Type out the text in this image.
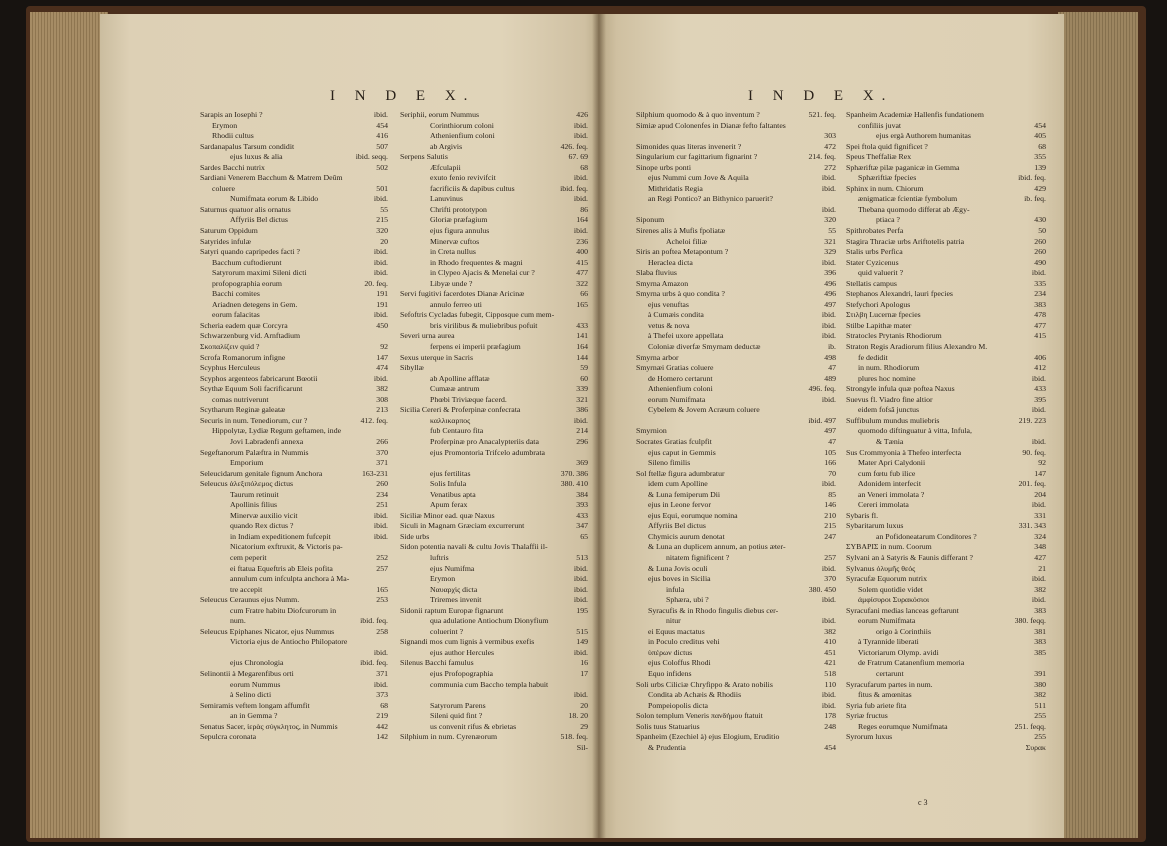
I N D E X.
Sarapis an Iosephi ?	ibid.
Erymon	454
Rhodii cultus	416
Sardanapalus Tarsum condidit	507
ejus luxus & alia	ibid. seqq.
Sardes Bacchi nutrix	502
Sardiani Venerem Bacchum & Matrem Deûm
coluere	501
Numifmata eorum & Libido	ibid.
Saturnus quatuor alis ornatus	55
Affyriis Bel dictus	215
Saturum Oppidum	320
Satyrides infulæ	20
Satyri quando capripedes facti ?	ibid.
Bacchum cuftodierunt	ibid.
Satyrorum maximi Sileni dicti	ibid.
profopographia eorum	20. feq.
Bacchi comites	191
Ariadnen detegens in Gem.	191
eorum falacitas	ibid.
Scheria eadem quæ Corcyra	450
Schwarzenburg vid. Arnftadium
Σκοπαλίζειν quid ?	92
Scrofa Romanorum infigne	147
Scyphus Herculeus	474
Scyphos argenteos fabricarunt Bœotii	ibid.
Scythæ Equum Soli facrificarunt	382
comas nutriverunt	308
Scytharum Reginæ galeatæ	213
Securis in num. Tenediorum, cur ?	412. feq.
Hippolytæ, Lydiæ Regum geftamen, inde
Jovi Labradenfi annexa	266
Segeftanorum Palæftra in Nummis	370
Emporium	371
Seleucidarum genitale fignum Anchora	163-231
Seleucus ἀλεξιπόλεμος dictus	260
Taurum retinuit	234
Apollinis filius	251
Minervæ auxilio vicit	ibid.
quando Rex dictus ?	ibid.
in Indiam expeditionem fufcepit	ibid.
Nicatorium exftruxit, & Victoris pa-
cem peperit	252
ei ftatua Equeftris ab Eleis pofita	257
annulum cum infculpta anchora à Ma-
tre accepit	165
Seleucus Ceraunus ejus Numm.	253
cum Fratre habitu Diofcurorum in
num.	ibid. feq.
Seleucus Epiphanes Nicator, ejus Nummus	258
Victoria ejus de Antiocho Philopatore
ibid.
ejus Chronologia	ibid. feq.
Selinontii à Megarenfibus orti	371
eorum Nummus	ibid.
à Selino dicti	373
Semiramis veftem longam affumfit	68
an in Gemma ?	219
Senatus Sacer, ἱερὰς σύγκλητος, in Nummis	442
Sepulcra coronata	142
Seriphii, eorum Nummus	426
Corinthiorum coloni	ibid.
Athenienfium coloni	ibid.
ab Argivis	426. feq.
Serpens Salutis	67. 69
Æfculapii	68
exuto fenio revivifcit	ibid.
facrificiis & dapibus cultus	ibid. feq.
Lanuvinus	ibid.
Chrifti prototypon	86
Gloriæ præfagium	164
ejus figura annulus	ibid.
Minervæ cuftos	236
in Creta nullus	400
in Rhodo frequentes & magni	415
in Clypeo Ajacis & Menelai cur ?	477
Libyæ unde ?	322
Servi fugitivi facerdotes Dianæ Aricinæ	66
annulo ferreo uti	165
Sefoftris Cycladas fubegit, Cipposque cum mem-
bris virilibus & muliebribus pofuit	433
Severi urna aurea	141
ferpens ei imperii præfagium	164
Sexus uterque in Sacris	144
Sibyllæ	59
ab Apolline afflatæ	60
Cumææ antrum	339
Phœbi Triviæque facerd.	321
Sicilia Cereri & Proferpinæ confecrata	386
καλλικαρπος	ibid.
fub Centauro fita	214
Proferpinæ pro Anacalypteriis data	296
ejus Promontoria Trifcelo adumbrata
369
ejus fertilitas	370. 386
Solis Infula	380. 410
Venatibus apta	384
Apum ferax	393
Siciliæ Minor ead. quæ Naxus	433
Siculi in Magnam Græciam excurrerunt	347
Side urbs	65
Sidon potentia navali & cultu Jovis Thalaffii il-
luftris	513
ejus Numifma	ibid.
Erymon	ibid.
Ναυαρχὶς dicta	ibid.
Triremes invenit	ibid.
Sidonii raptum Europæ fignarunt	195
qua adulatione Antiochum Dionyfium
coluerint ?	515
Signandi mos cum lignis à vermibus exefis	149
ejus author Hercules	ibid.
Silenus Bacchi famulus	16
ejus Profopographia	17
communia cum Baccho templa habuit
ibid.
Satyrorum Parens	20
Sileni quid fint ?	18. 20
us convenit rifus & ebrietas	29
Silphium in num. Cyrenæorum	518. feq.
Sil-
I N D E X.
Silphium quomodo & à quo inventum ?	521. feq.
Simiæ apud Colonenfes in Dianæ fefto faltantes
303
Simonides quas literas invenerit ?	472
Singularium cur fagittarium fignarint ?	214. feq.
Sinope urbs ponti	272
ejus Nummi cum Jove & Aquila	ibid.
Mithridatis Regia	ibid.
an Regi Pontico? an Bithynico paruerit?
ibid.
Siponum	320
Sirenes alis à Mufis fpoliatæ	55
Acheloi filiæ	321
Siris an poftea Metapontum ?	329
Heraclea dicta	ibid.
Slaba fluvius	396
Smyrna Amazon	496
Smyrna urbs à quo condita ?	496
ejus venuftas	497
à Cumæis condita	ibid.
vetus & nova	ibid.
à Thefei uxore appellata	ibid.
Coloniæ diverfæ Smyrnam deductæ	ib.
Smyrna arbor	498
Smyrnæi Gratias coluere	47
de Homero certarunt	489
Athenienfium coloni	496. feq.
eorum Numifmata	ibid.
Cybelem & Jovem Acræum coluere
ibid. 497
Smyrnion	497
Socrates Gratias fculpfit	47
ejus caput in Gemmis	105
Sileno fimilis	166
Sol ftellæ figura adumbratur	70
idem cum Apolline	ibid.
& Luna femiperum Dii	85
ejus in Leone fervor	146
ejus Equi, eorumque nomina	210
Affyriis Bel dictus	215
Chymicis aurum denotat	247
& Luna an duplicem annum, an potius æter-
nitatem fignificent ?	257
& Luna Jovis oculi	ibid.
ejus boves in Sicilia	370
infula	380. 450
Sphæra, ubi ?	ibid.
Syracufis & in Rhodo fingulis diebus cer-
nitur	ibid.
ei Equus mactatus	382
in Poculo creditus vehi	410
ὑπέρων dictus	451
ejus Coloffus Rhodi	421
Equo infidens	518
Soli urbs Ciliciæ Chryfippo & Arato nobilis	110
Condita ab Achæis & Rhodiis	ibid.
Pompeiopolis dicta	ibid.
Solon templum Veneris πανδήμου ftatuit	178
Solis tuus Statuarius	248
Spanheim (Ezechiel à) ejus Elogium, Eruditio
& Prudentia	454
Spanheim Academiæ Hallenfis fundationem
confiliis juvat	454
ejus ergà Authorem humanitas	405
Spei ftola quid fignificet ?	68
Speus Theffaliæ Rex	355
Sphæriftæ pilæ paganicæ in Gemma	139
Sphæriftiæ fpecies	ibid. feq.
Sphinx in num. Chiorum	429
ænigmaticæ fcientiæ fymbolum	ib. feq.
Thebana quomodo differat ab Ægy-
ptiaca ?	430
Spithrobates Perfa	50
Stagira Thraciæ urbs Ariftotelis patria	260
Stalis urbs Perfica	260
Stater Cyzicenus	490
quid valuerit ?	ibid.
Stellatis campus	335
Stephanos Alexandri, lauri fpecies	234
Stefychori Apologus	383
Στιλβη Lucernæ fpecies	478
Stilbe Lapithæ mater	477
Stratocles Prytanis Rhodiorum	415
Straton Regis Aradiorum filius Alexandro M.
fe dedidit	406
in num. Rhodiorum	412
plures hoc nomine	ibid.
Strongyle infula quæ poftea Naxus	433
Suevus fl. Viadro fine altior	395
eidem fofsâ junctus	ibid.
Suffibulum mundus muliebris	219. 223
quomodo diftinguatur à vitta, Infula,
& Tænia	ibid.
Sus Crommyonia à Thefeo interfecta	90. feq.
Mater Apri Calydonii	92
cum fœtu fub ilice	147
Adonidem interfecit	201. feq.
an Veneri immolata ?	204
Cereri immolata	ibid.
Sybaris fl.	331
Sybaritarum luxus	331. 343
an Pofidoneatarum Conditores ?	324
ΣΥΒΑΡΙΣ in num. Coorum	348
Sylvani an à Satyris & Faunis differant ?	427
Sylvanus ὁλυμῆς θεός	21
Syracufæ Equorum nutrix	ibid.
Solem quotidie videt	382
ἀμφίσυροι Συρακόσιοι	ibid.
Syracufani medias lanceas geftarunt	383
eorum Numifmata	380. feqq.
origo à Corinthiis	381
à Tyrannide liberati	383
Victoriarum Olymp. avidi	385
de Fratrum Catanenfium memoria
certarunt	391
Syracufarum partes in num.	380
fitus & amœnitas	382
Syria fub ariete fita	511
Syriæ fructus	255
Reges eorumque Numifmata	251. feqq.
Syrorum luxus	255
Συρακ
c 3
